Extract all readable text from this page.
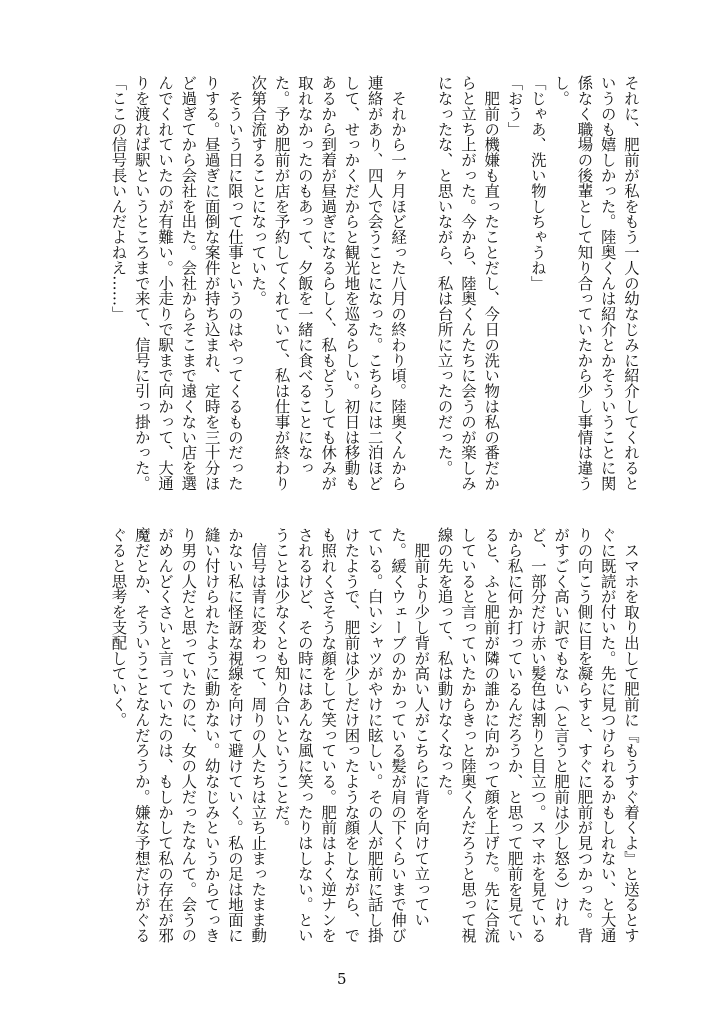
それに、肥前が私をもう一人の幼なじみに紹介してくれると
いうのも嬉しかった。陸奥くんは紹介とかそういうことに関
係なく職場の後輩として知り合っていたから少し事情は違う
し。
「じゃあ、洗い物しちゃうね」
「おう」
　肥前の機嫌も直ったことだし、今日の洗い物は私の番だか
らと立ち上がった。今から、陸奥くんたちに会うのが楽しみ
になったな、と思いながら、私は台所に立ったのだった。

　それから一ヶ月ほど経った八月の終わり頃。陸奥くんから
連絡があり、四人で会うことになった。こちらには二泊ほど
して、せっかくだからと観光地を巡るらしい。初日は移動も
あるから到着が昼過ぎになるらしく、私もどうしても休みが
取れなかったのもあって、夕飯を一緒に食べることになっ
た。予め肥前が店を予約してくれていて、私は仕事が終わり
次第合流することになっていた。
　そういう日に限って仕事というのはやってくるものだった
りする。昼過ぎに面倒な案件が持ち込まれ、定時を三十分ほ
ど過ぎてから会社を出た。会社からそこまで遠くない店を選
んでくれていたのが有難い。小走りで駅まで向かって、大通
りを渡れば駅というところまで来て、信号に引っ掛かった。
「ここの信号長いんだよねえ……」
　スマホを取り出して肥前に『もうすぐ着くよ』と送るとす
ぐに既読が付いた。先に見つけられるかもしれない、と大通
りの向こう側に目を凝らすと、すぐに肥前が見つかった。背
がすごく高い訳でもない（と言うと肥前は少し怒る）けれ
ど、一部分だけ赤い髪色は割りと目立つ。スマホを見ている
から私に何か打っているんだろうか、と思って肥前を見てい
ると、ふと肥前が隣の誰かに向かって顔を上げた。先に合流
していると言っていたからきっと陸奥くんだろうと思って視
線の先を追って、私は動けなくなった。
　肥前より少し背が高い人がこちらに背を向けて立ってい
た。緩くウェーブのかかっている髪が肩の下くらいまで伸び
ている。白いシャツがやけに眩しい。その人が肥前に話し掛
けたようで、肥前は少しだけ困ったような顔をしながら、で
も照れくさそうな顔をして笑っている。肥前はよく逆ナンを
されるけど、その時にはあんな風に笑ったりはしない。とい
うことは少なくとも知り合いということだ。
　信号は青に変わって、周りの人たちは立ち止まったまま動
かない私に怪訝な視線を向けて避けていく。私の足は地面に
縫い付けられたように動かない。幼なじみというからてっき
り男の人だと思っていたのに、女の人だったなんて。会うの
がめんどくさいと言っていたのは、もしかして私の存在が邪
魔だとか、そういうことなんだろうか。嫌な予想だけがぐる
ぐると思考を支配していく。
5
